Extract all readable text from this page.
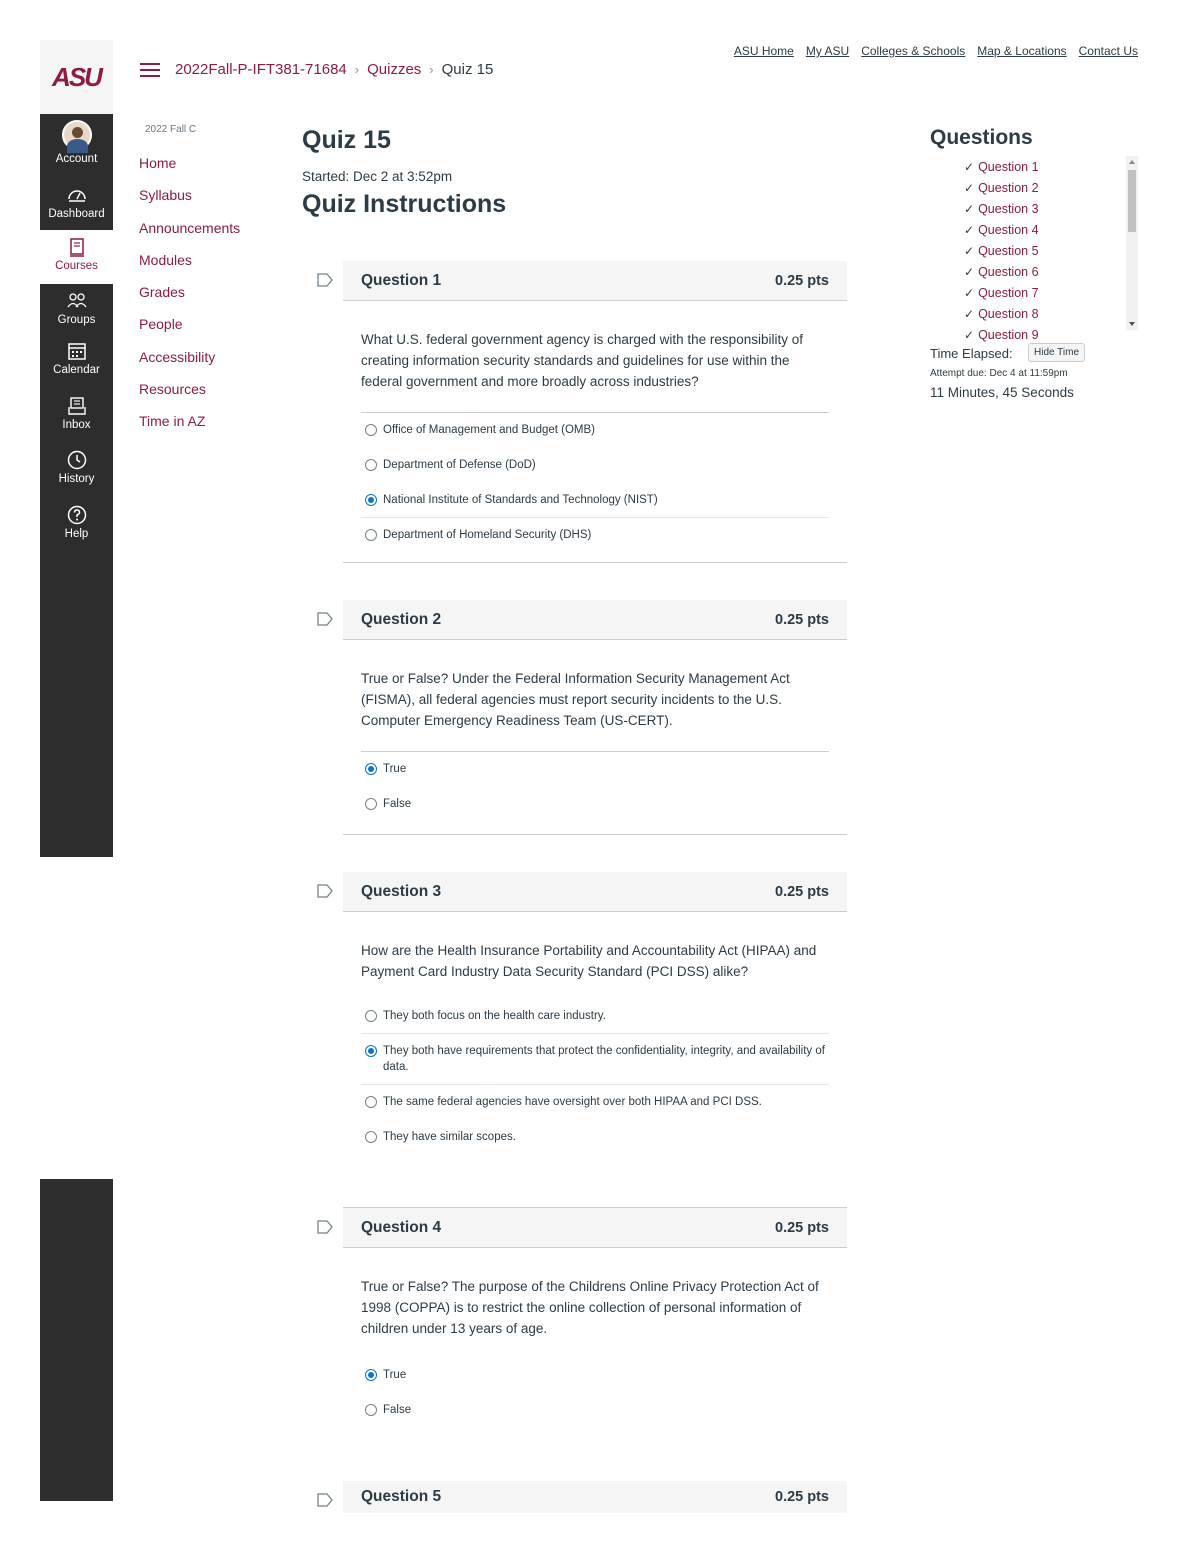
ASU
Account
Dashboard
Courses
Groups
Calendar
Inbox
History
Help
2022Fall-P-IFT381-71684 › Quizzes › Quiz 15
ASU Home My ASU Colleges & Schools Map & Locations Contact Us
2022 Fall C
Home
Syllabus
Announcements
Modules
Grades
People
Accessibility
Resources
Time in AZ
Quiz 15
Started: Dec 2 at 3:52pm
Quiz Instructions
Question 1	0.25 pts
What U.S. federal government agency is charged with the responsibility of creating information security standards and guidelines for use within the federal government and more broadly across industries?
Office of Management and Budget (OMB)
Department of Defense (DoD)
National Institute of Standards and Technology (NIST)
Department of Homeland Security (DHS)
Question 2	0.25 pts
True or False? Under the Federal Information Security Management Act (FISMA), all federal agencies must report security incidents to the U.S. Computer Emergency Readiness Team (US-CERT).
True
False
Question 3	0.25 pts
How are the Health Insurance Portability and Accountability Act (HIPAA) and Payment Card Industry Data Security Standard (PCI DSS) alike?
They both focus on the health care industry.
They both have requirements that protect the confidentiality, integrity, and availability of data.
The same federal agencies have oversight over both HIPAA and PCI DSS.
They have similar scopes.
Question 4	0.25 pts
True or False? The purpose of the Childrens Online Privacy Protection Act of 1998 (COPPA) is to restrict the online collection of personal information of children under 13 years of age.
True
False
Question 5	0.25 pts
Questions
✓ Question 1
✓ Question 2
✓ Question 3
✓ Question 4
✓ Question 5
✓ Question 6
✓ Question 7
✓ Question 8
✓ Question 9
Time Elapsed:	Hide Time
Attempt due: Dec 4 at 11:59pm
11 Minutes, 45 Seconds
